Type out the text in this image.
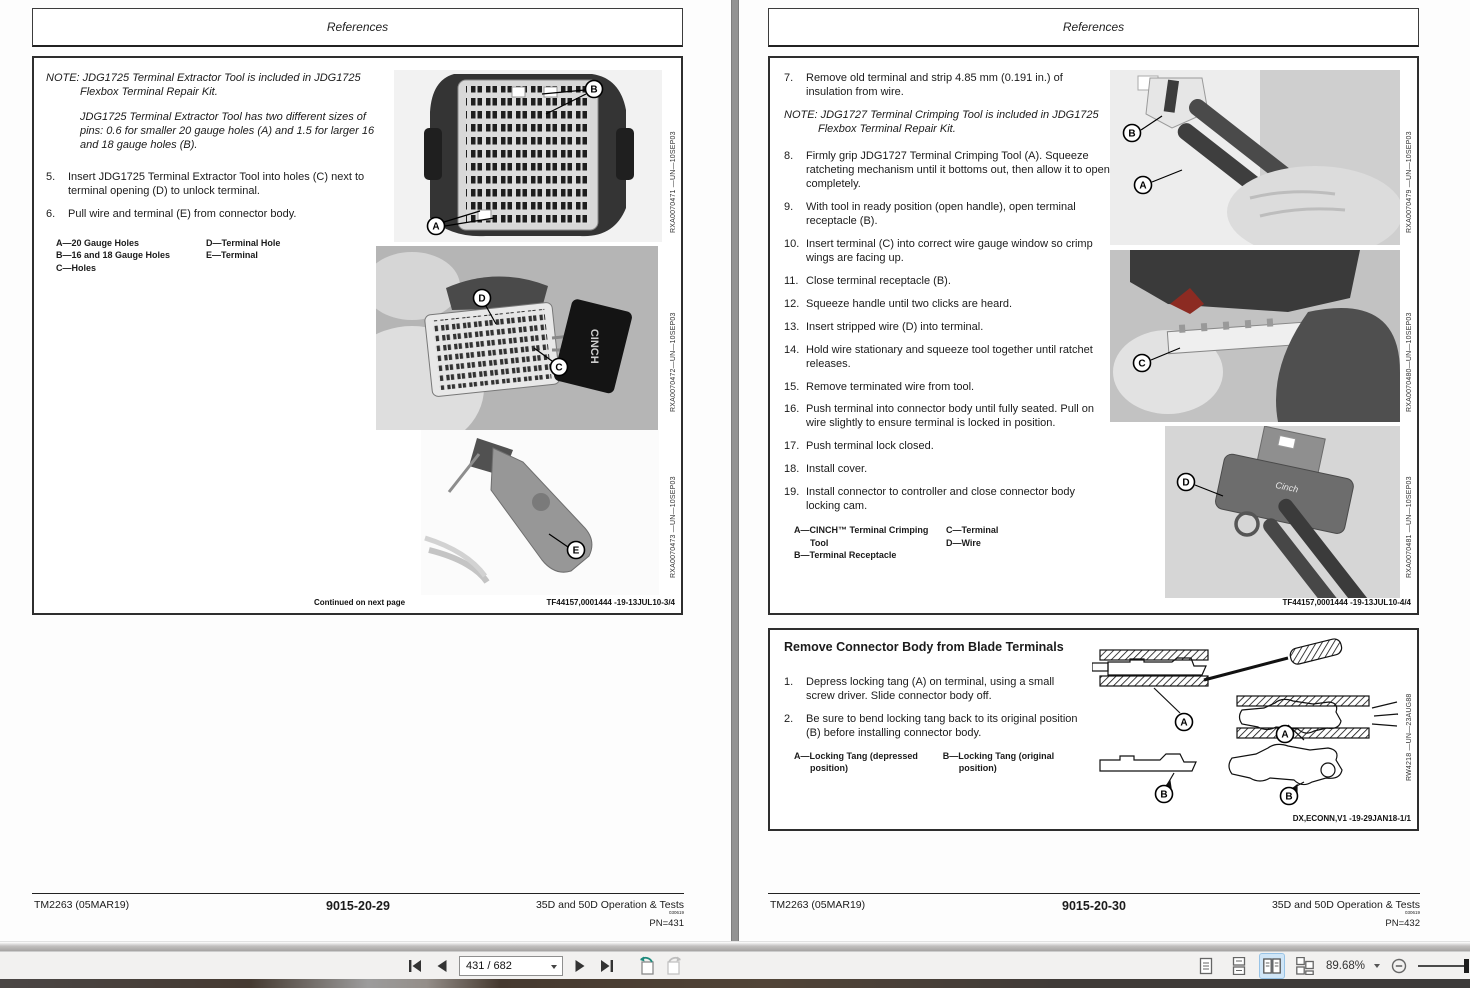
References

NOTE: JDG1725 Terminal Extractor Tool is included in JDG1725 Flexbox Terminal Repair Kit.

JDG1725 Terminal Extractor Tool has two different sizes of pins: 0.6 for smaller 20 gauge holes (A) and 1.5 for larger 16 and 18 gauge holes (B).

5.	Insert JDG1725 Terminal Extractor Tool into holes (C) next to terminal opening (D) to unlock terminal.
6.	Pull wire and terminal (E) from connector body.
A—20 Gauge Holes
B—16 and 18 Gauge Holes
C—Holes
D—Terminal Hole
E—Terminal
B
A
CINCH
D
C
E
RXA0070471 —UN—10SEP03
RXA0070472—UN—10SEP03
RXA0070473 —UN—10SEP03
Continued on next page	TF44157,0001444 -19-13JUL10-3/4
TM2263 (05MAR19)	9015-20-29	35D and 50D Operation & Tests
030619
PN=431
References
7.	Remove old terminal and strip 4.85 mm (0.191 in.) of insulation from wire.

NOTE: JDG1727 Terminal Crimping Tool is included in JDG1725 Flexbox Terminal Repair Kit.

8.	Firmly grip JDG1727 Terminal Crimping Tool (A). Squeeze ratcheting mechanism until it bottoms out, then allow it to open completely.
9.	With tool in ready position (open handle), open terminal receptacle (B).
10. Insert terminal (C) into correct wire gauge window so crimp wings are facing up.
11. Close terminal receptacle (B).
12. Squeeze handle until two clicks are heard.
13. Insert stripped wire (D) into terminal.
14. Hold wire stationary and squeeze tool together until ratchet releases.
15. Remove terminated wire from tool.
16. Push terminal into connector body until fully seated. Pull on wire slightly to ensure terminal is locked in position.
17. Push terminal lock closed.
18. Install cover.
19. Install connector to controller and close connector body locking cam.
A—CINCH™ Terminal Crimping Tool
B—Terminal Receptacle
C—Terminal
D—Wire
B
A
C
Cinch
D
RXA0070479 —UN—10SEP03
RXA0070480—UN—10SEP03
RXA0070481 —UN—10SEP03
TF44157,0001444 -19-13JUL10-4/4
Remove Connector Body from Blade Terminals
1.	Depress locking tang (A) on terminal, using a small screw driver. Slide connector body off.
2.	Be sure to bend locking tang back to its original position (B) before installing connector body.
A—Locking Tang (depressed position)
B—Locking Tang (original position)
A
A
B	B
RW4218 —UN—23AUG88
DX,ECONN,V1 -19-29JAN18-1/1
TM2263 (05MAR19)	9015-20-30	35D and 50D Operation & Tests
030619
PN=432
431 / 682
89.68%
